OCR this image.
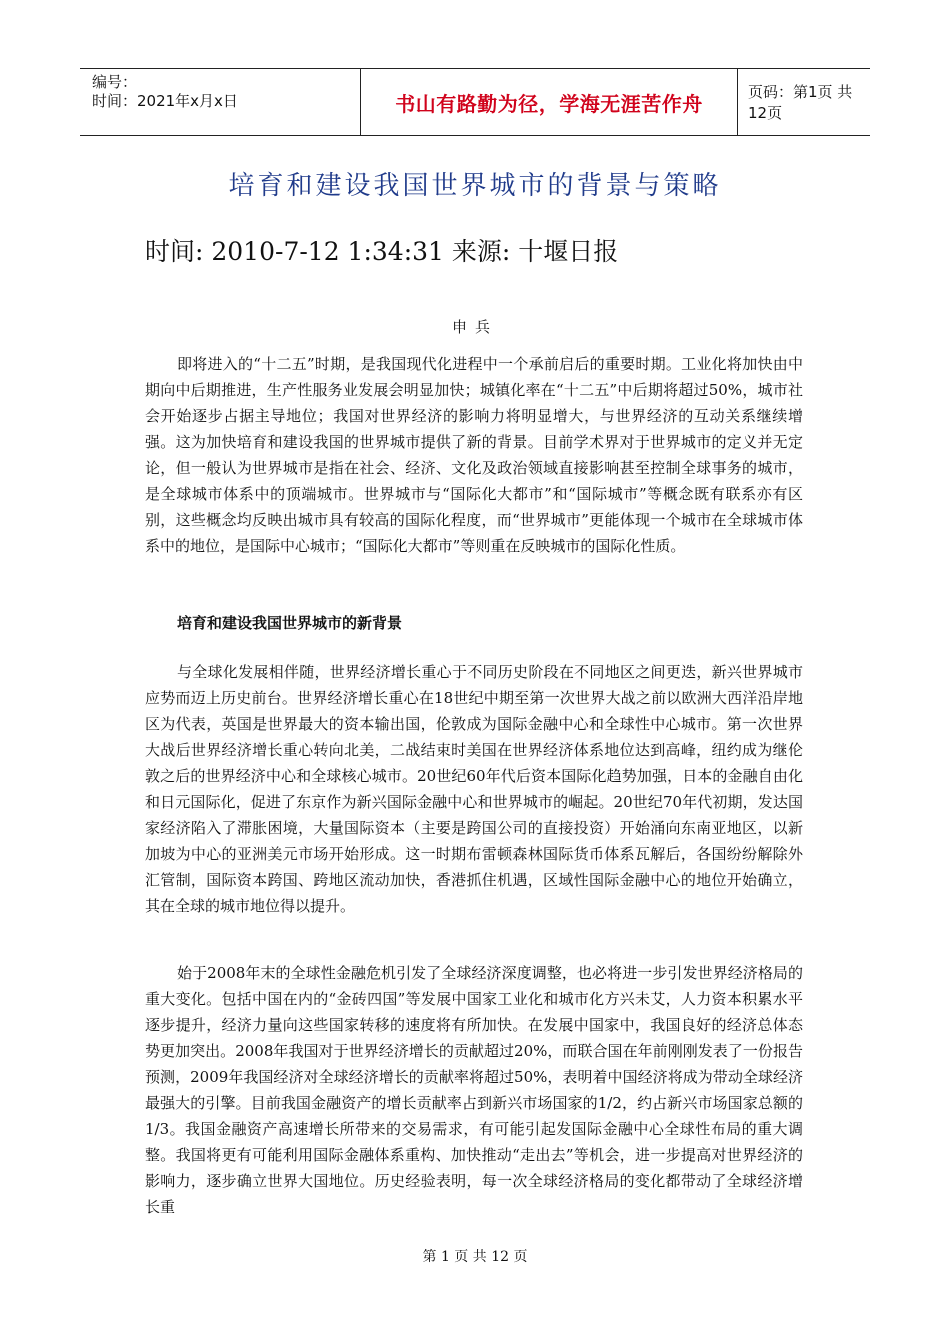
编号：
时间：2021年x月x日	书山有路勤为径，学海无涯苦作舟	页码：第1页 共12页
培育和建设我国世界城市的背景与策略
时间: 2010-7-12 1:34:31 来源: 十堰日报
申兵

即将进入的“十二五”时期，是我国现代化进程中一个承前启后的重要时期。工业化将加快由中期向中后期推进，生产性服务业发展会明显加快；城镇化率在“十二五”中后期将超过50%，城市社会开始逐步占据主导地位；我国对世界经济的影响力将明显增大，与世界经济的互动关系继续增强。这为加快培育和建设我国的世界城市提供了新的背景。目前学术界对于世界城市的定义并无定论，但一般认为世界城市是指在社会、经济、文化及政治领域直接影响甚至控制全球事务的城市，是全球城市体系中的顶端城市。世界城市与“国际化大都市”和“国际城市”等概念既有联系亦有区别，这些概念均反映出城市具有较高的国际化程度，而“世界城市”更能体现一个城市在全球城市体系中的地位，是国际中心城市；“国际化大都市”等则重在反映城市的国际化性质。

培育和建设我国世界城市的新背景

与全球化发展相伴随，世界经济增长重心于不同历史阶段在不同地区之间更迭，新兴世界城市应势而迈上历史前台。世界经济增长重心在18世纪中期至第一次世界大战之前以欧洲大西洋沿岸地区为代表，英国是世界最大的资本输出国，伦敦成为国际金融中心和全球性中心城市。第一次世界大战后世界经济增长重心转向北美，二战结束时美国在世界经济体系地位达到高峰，纽约成为继伦敦之后的世界经济中心和全球核心城市。20世纪60年代后资本国际化趋势加强，日本的金融自由化和日元国际化，促进了东京作为新兴国际金融中心和世界城市的崛起。20世纪70年代初期，发达国家经济陷入了滞胀困境，大量国际资本（主要是跨国公司的直接投资）开始涌向东南亚地区，以新加坡为中心的亚洲美元市场开始形成。这一时期布雷顿森林国际货币体系瓦解后，各国纷纷解除外汇管制，国际资本跨国、跨地区流动加快，香港抓住机遇，区域性国际金融中心的地位开始确立，其在全球的城市地位得以提升。

始于2008年末的全球性金融危机引发了全球经济深度调整，也必将进一步引发世界经济格局的重大变化。包括中国在内的“金砖四国”等发展中国家工业化和城市化方兴未艾，人力资本积累水平逐步提升，经济力量向这些国家转移的速度将有所加快。在发展中国家中，我国良好的经济总体态势更加突出。2008年我国对于世界经济增长的贡献超过20%，而联合国在年前刚刚发表了一份报告预测，2009年我国经济对全球经济增长的贡献率将超过50%，表明着中国经济将成为带动全球经济最强大的引擎。目前我国金融资产的增长贡献率占到新兴市场国家的1/2，约占新兴市场国家总额的1/3。我国金融资产高速增长所带来的交易需求，有可能引起发国际金融中心全球性布局的重大调整。我国将更有可能利用国际金融体系重构、加快推动“走出去”等机会，进一步提高对世界经济的影响力，逐步确立世界大国地位。历史经验表明，每一次全球经济格局的变化都带动了全球经济增长重

第 1 页 共 12 页
